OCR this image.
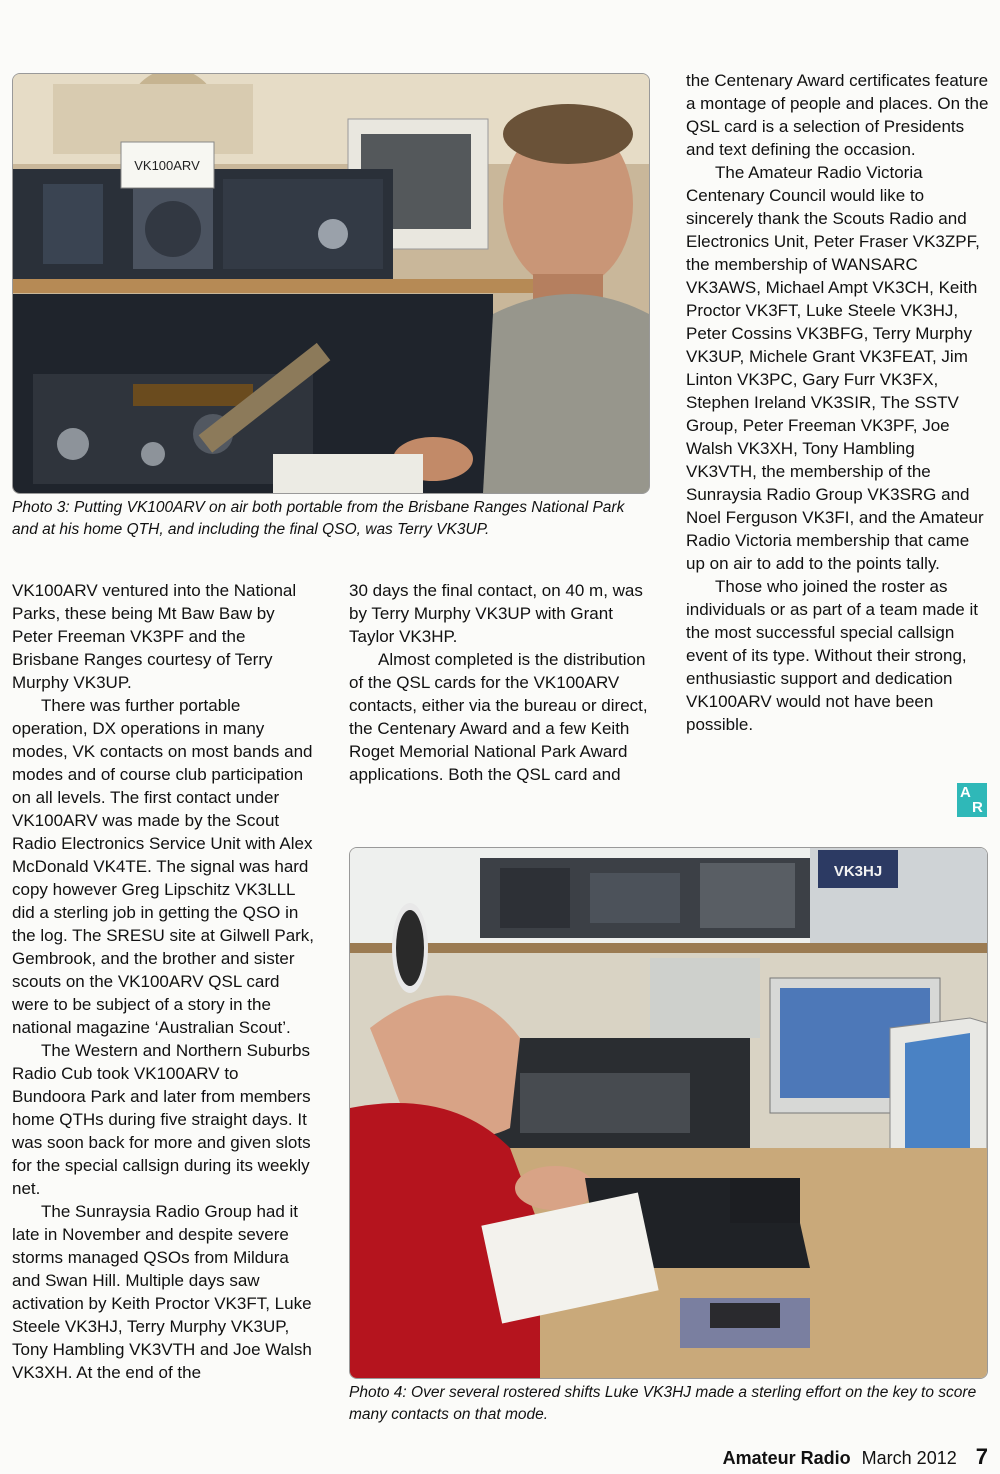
VK100ARV
Photo 3: Putting VK100ARV on air both portable from the Brisbane Ranges National Park and at his home QTH, and including the final QSO, was Terry VK3UP.

VK100ARV ventured into the National Parks, these being Mt Baw Baw by Peter Freeman VK3PF and the Brisbane Ranges courtesy of Terry Murphy VK3UP.

There was further portable operation, DX operations in many modes, VK contacts on most bands and modes and of course club participation on all levels. The first contact under VK100ARV was made by the Scout Radio Electronics Service Unit with Alex McDonald VK4TE. The signal was hard copy however Greg Lipschitz VK3LLL did a sterling job in getting the QSO in the log. The SRESU site at Gilwell Park, Gembrook, and the brother and sister scouts on the VK100ARV QSL card were to be subject of a story in the national magazine ‘Australian Scout’.

The Western and Northern Suburbs Radio Cub took VK100ARV to Bundoora Park and later from members home QTHs during five straight days. It was soon back for more and given slots for the special callsign during its weekly net.

The Sunraysia Radio Group had it late in November and despite severe storms managed QSOs from Mildura and Swan Hill. Multiple days saw activation by Keith Proctor VK3FT, Luke Steele VK3HJ, Terry Murphy VK3UP, Tony Hambling VK3VTH and Joe Walsh VK3XH. At the end of the

30 days the final contact, on 40 m, was by Terry Murphy VK3UP with Grant Taylor VK3HP.

Almost completed is the distribution of the QSL cards for the VK100ARV contacts, either via the bureau or direct, the Centenary Award and a few Keith Roget Memorial National Park Award applications. Both the QSL card and

the Centenary Award certificates feature a montage of people and places. On the QSL card is a selection of Presidents and text defining the occasion.

The Amateur Radio Victoria Centenary Council would like to sincerely thank the Scouts Radio and Electronics Unit, Peter Fraser VK3ZPF, the membership of WANSARC VK3AWS, Michael Ampt VK3CH, Keith Proctor VK3FT, Luke Steele VK3HJ, Peter Cossins VK3BFG, Terry Murphy VK3UP, Michele Grant VK3FEAT, Jim Linton VK3PC, Gary Furr VK3FX, Stephen Ireland VK3SIR, The SSTV Group, Peter Freeman VK3PF, Joe Walsh VK3XH, Tony Hambling VK3VTH, the membership of the Sunraysia Radio Group VK3SRG and Noel Ferguson VK3FI, and the Amateur Radio Victoria membership that came up on air to add to the points tally.

Those who joined the roster as individuals or as part of a team made it the most successful special callsign event of its type. Without their strong, enthusiastic support and dedication VK100ARV would not have been possible.

A
R
VK3HJ
Photo 4: Over several rostered shifts Luke VK3HJ made a sterling effort on the key to score many contacts on that mode.
Amateur Radio March 2012 7
